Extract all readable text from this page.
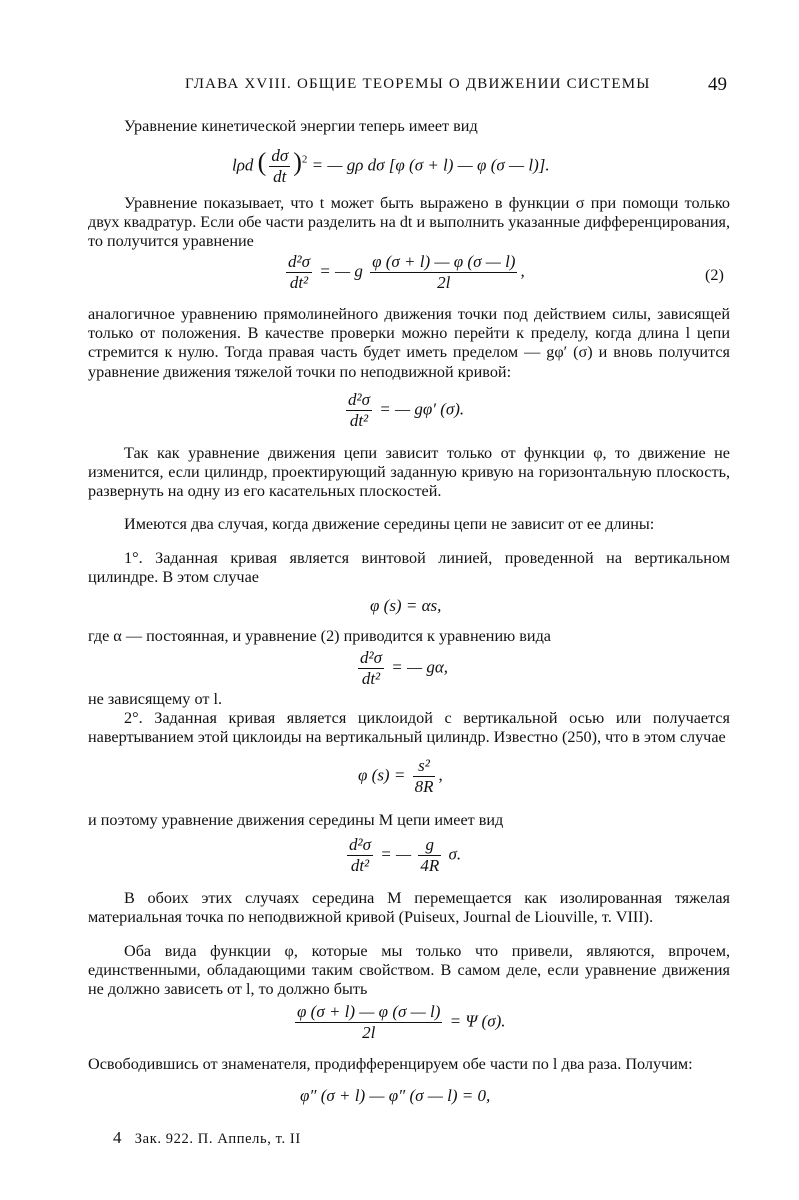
ГЛАВА XVIII. ОБЩИЕ ТЕОРЕМЫ О ДВИЖЕНИИ СИСТЕМЫ	49
Уравнение кинетической энергии теперь имеет вид
lρd ( $\frac{d\sigma}{dt} )^2$ = — gρ dσ [φ (σ + l) — φ (σ — l)].
Уравнение показывает, что t может быть выражено в функции σ при помощи только двух квадратур. Если обе части разделить на dt и выполнить указанные дифференцирования, то получится уравнение
$\frac{\text{d²σ}}{\text{dt²}}$ = — g $\frac{\varphi (\sigma + l) — \varphi (\sigma — l)}{2l}$ ,	(2)
аналогичное уравнению прямолинейного движения точки под действием силы, зависящей только от положения. В качестве проверки можно перейти к пределу, когда длина l цепи стремится к нулю. Тогда правая часть будет иметь пределом — gφ′ (σ) и вновь получится уравнение движения тяжелой точки по неподвижной кривой:
$\frac{\text{d²σ}}{\text{dt²}}$ = — gφ′ (σ).
Так как уравнение движения цепи зависит только от функции φ, то движение не изменится, если цилиндр, проектирующий заданную кривую на горизонтальную плоскость, развернуть на одну из его касательных плоскостей.
Имеются два случая, когда движение середины цепи не зависит от ее длины:
1°. Заданная кривая является винтовой линией, проведенной на вертикальном цилиндре. В этом случае
φ (s) = αs,
где α — постоянная, и уравнение (2) приводится к уравнению вида
$\frac{\text{d²σ}}{\text{dt²}}$ = — gα,
не зависящему от l.
2°. Заданная кривая является циклоидой с вертикальной осью или получается навертыванием этой циклоиды на вертикальный цилиндр. Известно (250), что в этом случае
φ $(s) = \frac{\text{s²}}{8R}$ ,
и поэтому уравнение движения середины M цепи имеет вид
$\frac{\text{d²σ}}{\text{dt²}}$ = — $\frac{g}{4R} \sigma$.
В обоих этих случаях середина M перемещается как изолированная тяжелая материальная точка по неподвижной кривой (Puiseux, Journal de Liouville, т. VIII).
Оба вида функции φ, которые мы только что привели, являются, впрочем, единственными, обладающими таким свойством. В самом деле, если уравнение движения не должно зависеть от l, то должно быть
$\frac{\varphi (\sigma + l) — \varphi (\sigma — l)}{2l} = \Psi$ (σ).
Освободившись от знаменателя, продифференцируем обе части по l два раза. Получим:
φ″ (σ + l) — φ″ (σ — l) = 0,
4 Зак. 922. П. Аппель, т. II
